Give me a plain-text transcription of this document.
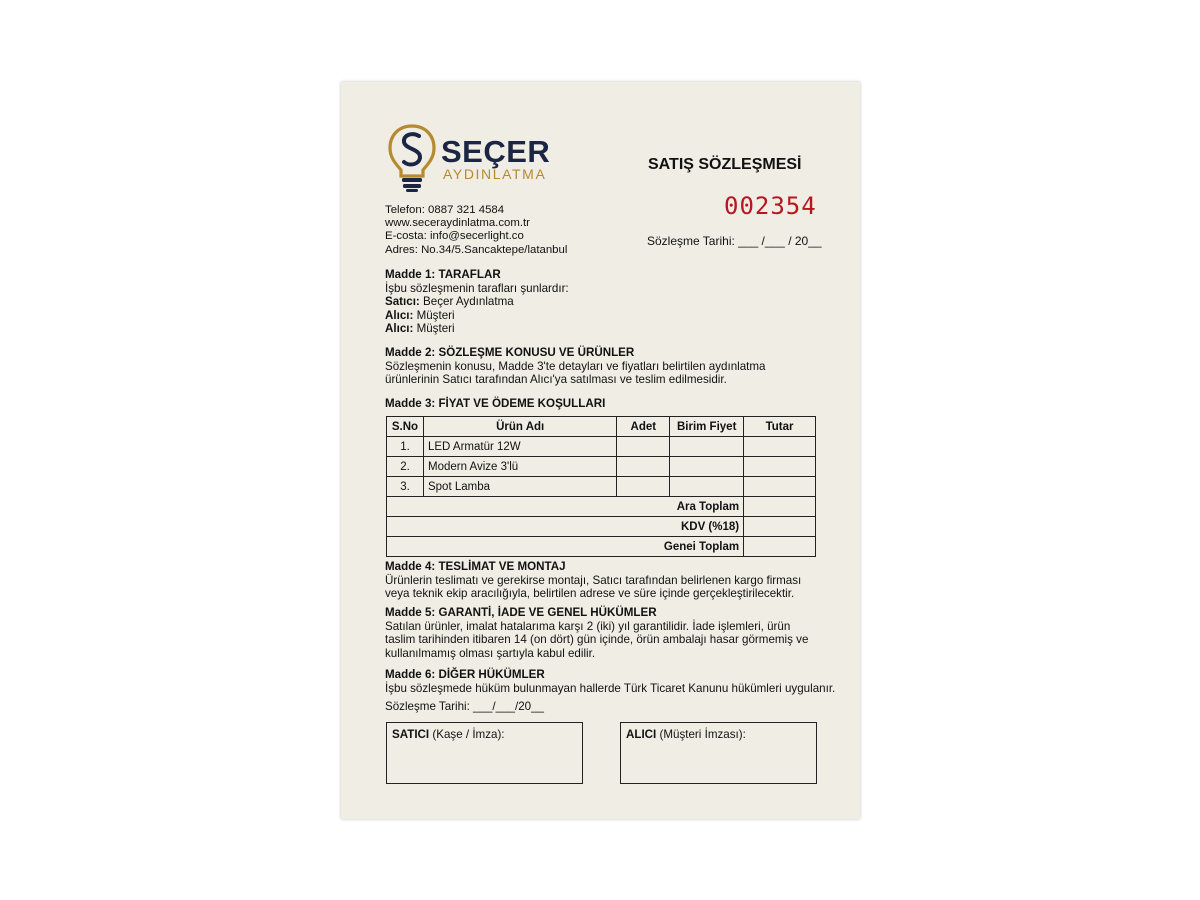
SEÇER
AYDINLATMA
Telefon: 0887 321 4584
www.seceraydinlatma.com.tr
E-costa: info@secerlight.co
Adres: No.34/5.Sancaktepe/latanbul
SATIŞ SÖZLEŞMESİ
002354
Sözleşme Tarihi: ___ /___ / 20__
Madde 1: TARAFLAR
İşbu sözleşmenin tarafları şunlardır:
Satıcı: Beçer Aydınlatma
Alıcı: Müşteri
Alıcı: Müşteri
Madde 2: SÖZLEŞME KONUSU VE ÜRÜNLER
Sözleşmenin konusu, Madde 3'te detayları ve fiyatları belirtilen aydınlatma
ürünlerinin Satıcı tarafından Alıcı'ya satılması ve teslim edilmesidir.
Madde 3: FİYAT VE ÖDEME KOŞULLARI
S.No	Ürün Adı	Adet	Birim Fiyet	Tutar
1.	LED Armatür 12W			
2.	Modern Avize 3'lü			
3.	Spot Lamba			
Ara Toplam				
KDV (%18)				
Genei Toplam				
Madde 4: TESLİMAT VE MONTAJ
Ürünlerin teslimatı ve gerekirse montajı, Satıcı tarafından belirlenen kargo firması
veya teknik ekip aracılığıyla, belirtilen adrese ve süre içinde gerçekleştirilecektir.
Madde 5: GARANTİ, İADE VE GENEL HÜKÜMLER
Satılan ürünler, imalat hatalarıma karşı 2 (iki) yıl garantilidir. İade işlemleri, ürün
taslim tarihinden itibaren 14 (on dört) gün içinde, örün ambalajı hasar görmemiş ve
kullanılmamış olması şartıyla kabul edilir.
Madde 6: DİĞER HÜKÜMLER
İşbu sözleşmede hüküm bulunmayan hallerde Türk Ticaret Kanunu hükümleri uygulanır.
Sözleşme Tarihi: ___/___/20__
SATICI (Kaşe / İmza):	ALICI (Müşteri İmzası):
